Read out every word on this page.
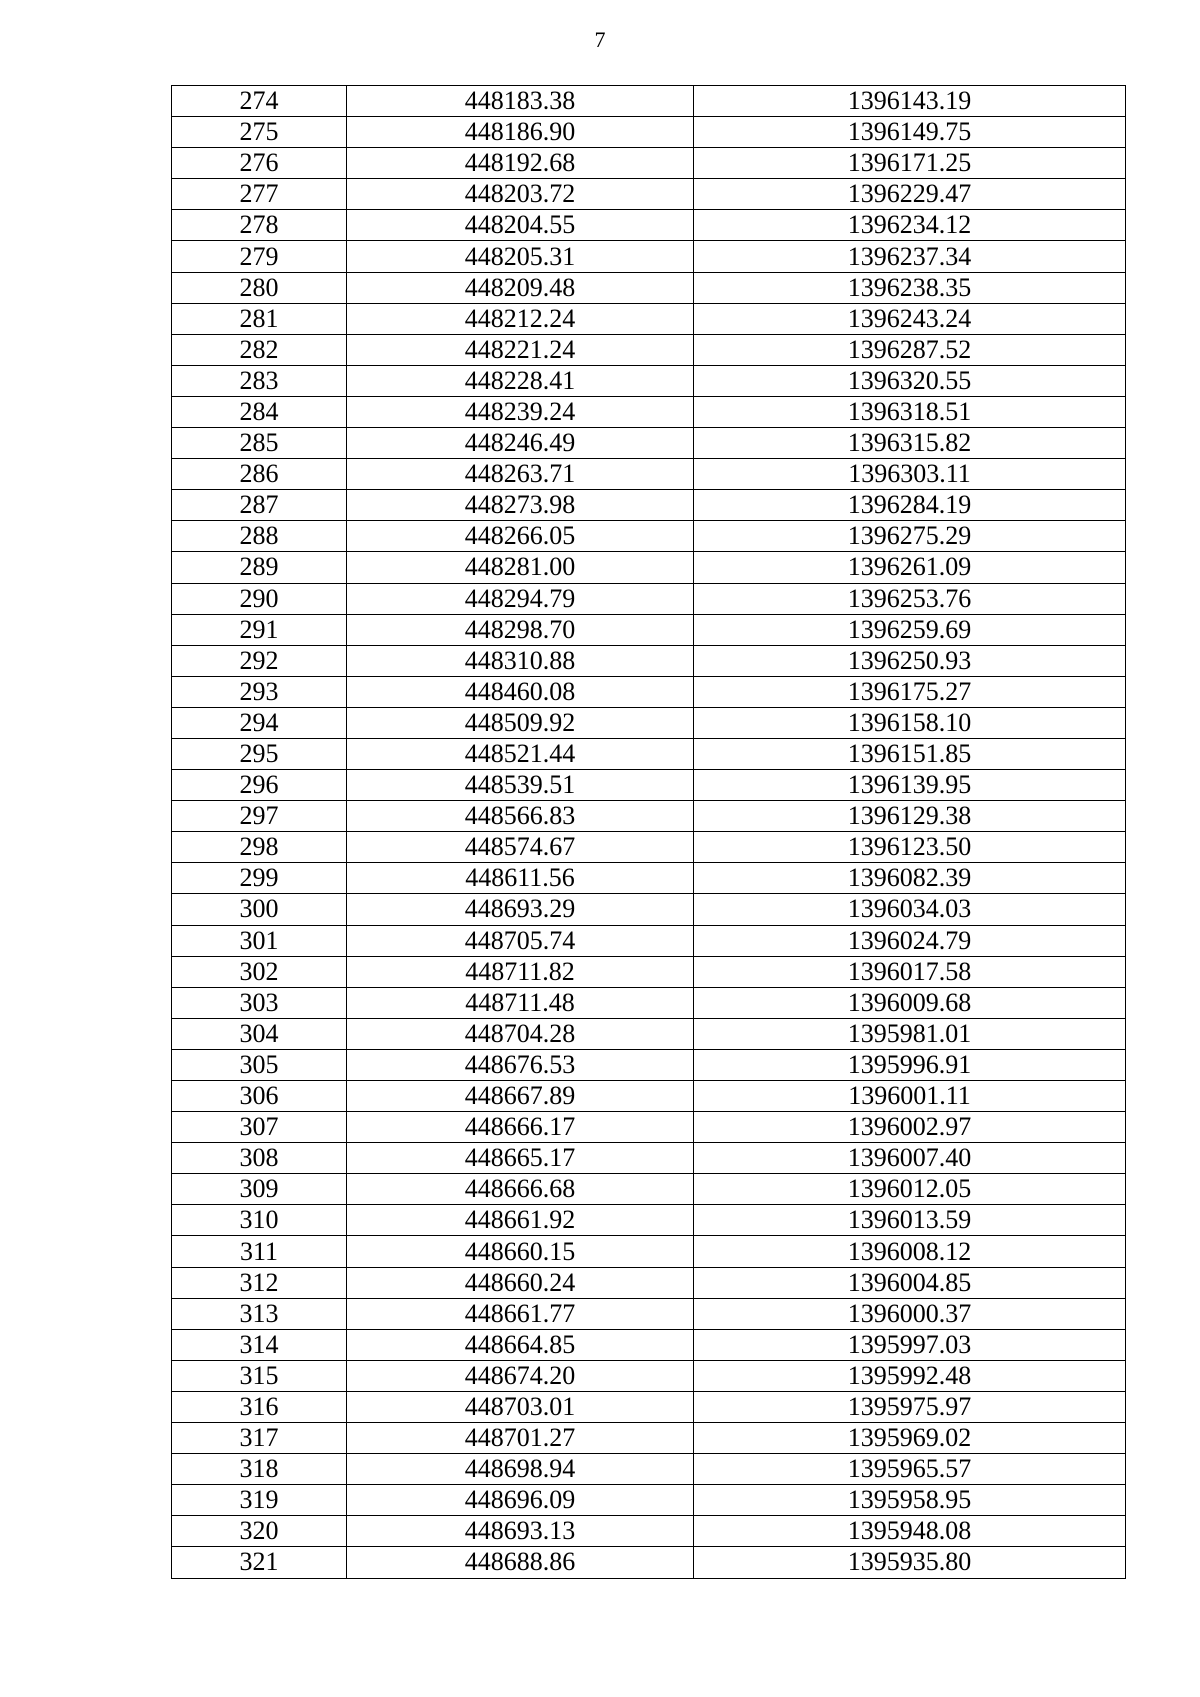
7
274	448183.38	1396143.19
275	448186.90	1396149.75
276	448192.68	1396171.25
277	448203.72	1396229.47
278	448204.55	1396234.12
279	448205.31	1396237.34
280	448209.48	1396238.35
281	448212.24	1396243.24
282	448221.24	1396287.52
283	448228.41	1396320.55
284	448239.24	1396318.51
285	448246.49	1396315.82
286	448263.71	1396303.11
287	448273.98	1396284.19
288	448266.05	1396275.29
289	448281.00	1396261.09
290	448294.79	1396253.76
291	448298.70	1396259.69
292	448310.88	1396250.93
293	448460.08	1396175.27
294	448509.92	1396158.10
295	448521.44	1396151.85
296	448539.51	1396139.95
297	448566.83	1396129.38
298	448574.67	1396123.50
299	448611.56	1396082.39
300	448693.29	1396034.03
301	448705.74	1396024.79
302	448711.82	1396017.58
303	448711.48	1396009.68
304	448704.28	1395981.01
305	448676.53	1395996.91
306	448667.89	1396001.11
307	448666.17	1396002.97
308	448665.17	1396007.40
309	448666.68	1396012.05
310	448661.92	1396013.59
311	448660.15	1396008.12
312	448660.24	1396004.85
313	448661.77	1396000.37
314	448664.85	1395997.03
315	448674.20	1395992.48
316	448703.01	1395975.97
317	448701.27	1395969.02
318	448698.94	1395965.57
319	448696.09	1395958.95
320	448693.13	1395948.08
321	448688.86	1395935.80
